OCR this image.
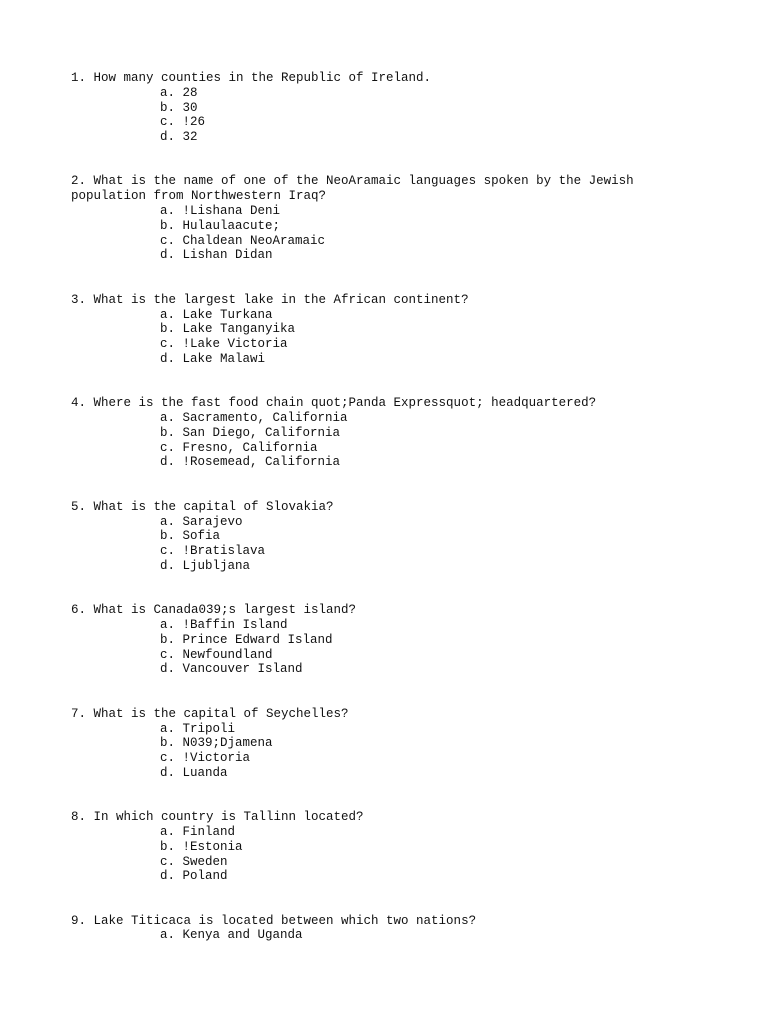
1. How many counties in the Republic of Ireland.

a. 28
b. 30
c. !26
d. 32

2. What is the name of one of the NeoAramaic languages spoken by the Jewish population from Northwestern Iraq?

a. !Lishana Deni
b. Hulaulaacute;
c. Chaldean NeoAramaic
d. Lishan Didan

3. What is the largest lake in the African continent?

a. Lake Turkana
b. Lake Tanganyika
c. !Lake Victoria
d. Lake Malawi

4. Where is the fast food chain quot;Panda Expressquot; headquartered?

a. Sacramento, California
b. San Diego, California
c. Fresno, California
d. !Rosemead, California

5. What is the capital of Slovakia?

a. Sarajevo
b. Sofia
c. !Bratislava
d. Ljubljana

6. What is Canada039;s largest island?

a. !Baffin Island
b. Prince Edward Island
c. Newfoundland
d. Vancouver Island

7. What is the capital of Seychelles?

a. Tripoli
b. N039;Djamena
c. !Victoria
d. Luanda

8. In which country is Tallinn located?

a. Finland
b. !Estonia
c. Sweden
d. Poland

9. Lake Titicaca is located between which two nations?

a. Kenya and Uganda
